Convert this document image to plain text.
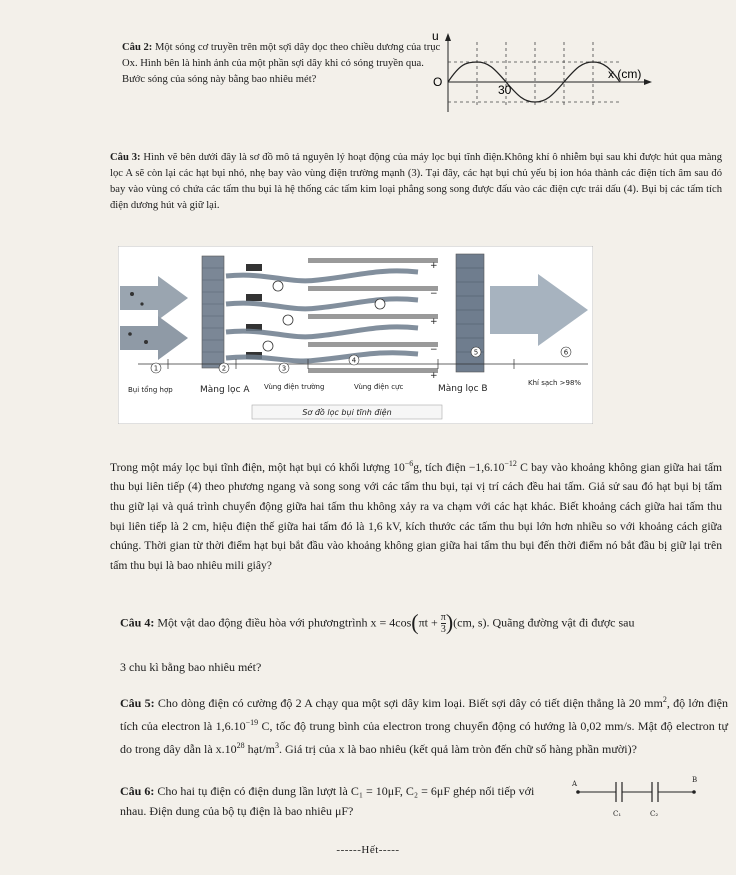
Câu 2: Một sóng cơ truyền trên một sợi dây dọc theo chiều dương của trục Ox. Hình bên là hình ảnh của một phần sợi dây khi có sóng truyền qua. Bước sóng của sóng này bằng bao nhiêu mét?
u
O
30
x (cm)
Câu 3: Hình vẽ bên dưới đây là sơ đồ mô tả nguyên lý hoạt động của máy lọc bụi tĩnh điện.Không khí ô nhiễm bụi sau khi được hút qua màng lọc A sẽ còn lại các hạt bụi nhỏ, nhẹ bay vào vùng điện trường mạnh (3). Tại đây, các hạt bụi chủ yếu bị ion hóa thành các điện tích âm sau đó bay vào vùng có chứa các tấm thu bụi là hệ thống các tấm kim loại phẳng song song được đấu vào các điện cực trái dấu (4). Bụi bị các tấm tích điện dương hút và giữ lại.
+
+
+
−
−
1	2	3
4
5	6
Bụi tổng hợp	Màng lọc A Vùng điện trường	Vùng điện cực	Màng lọc B
Khí sạch >98%
Sơ đồ lọc bụi tĩnh điện
Trong một máy lọc bụi tĩnh điện, một hạt bụi có khối lượng $10^{-6}g$, tích điện $-1,6.10^{-12}$ C bay vào khoảng không gian giữa hai tấm thu bụi liên tiếp (4) theo phương ngang và song song với các tấm thu bụi, tại vị trí cách đều hai tấm. Giả sử sau đó hạt bụi bị tấm thu giữ lại và quá trình chuyển động giữa hai tấm thu không xảy ra va chạm với các hạt khác. Biết khoảng cách giữa hai tấm thu bụi liên tiếp là 2 cm, hiệu điện thế giữa hai tấm đó là 1,6 kV, kích thước các tấm thu bụi lớn hơn nhiều so với khoảng cách giữa chúng. Thời gian từ thời điểm hạt bụi bắt đầu vào khoảng không gian giữa hai tấm thu bụi đến thời điểm nó bắt đầu bị giữ lại trên tấm thu bụi là bao nhiêu mili giây?
Câu 4: Một vật dao động điều hòa với phươngtrình $x = 4\cos(\pi t + \frac{\pi}{3} )(cm$, s). Quãng đường vật đi được sau
3 chu kì bằng bao nhiêu mét?
Câu 5: Cho dòng điện có cường độ 2 A chạy qua một sợi dây kim loại. Biết sợi dây có tiết diện thẳng là 20 $mm^2$, độ lớn điện tích của electron là $1,6.10^{-19}$ C, tốc độ trung bình của electron trong chuyển động có hướng là 0,02 mm/s. Mật độ electron tự do trong dây dẫn là $x.10^{28}$ hạt/$m^3$. Giá trị của x là bao nhiêu (kết quả làm tròn đến chữ số hàng phần mười)?
Câu 6: Cho hai tụ điện có điện dung lần lượt là C₁ = 10μF, C₂ = 6μF ghép nối tiếp với nhau. Điện dung của bộ tụ điện là bao nhiêu μF?
A	B
C₁	C₂
------Hết-----
